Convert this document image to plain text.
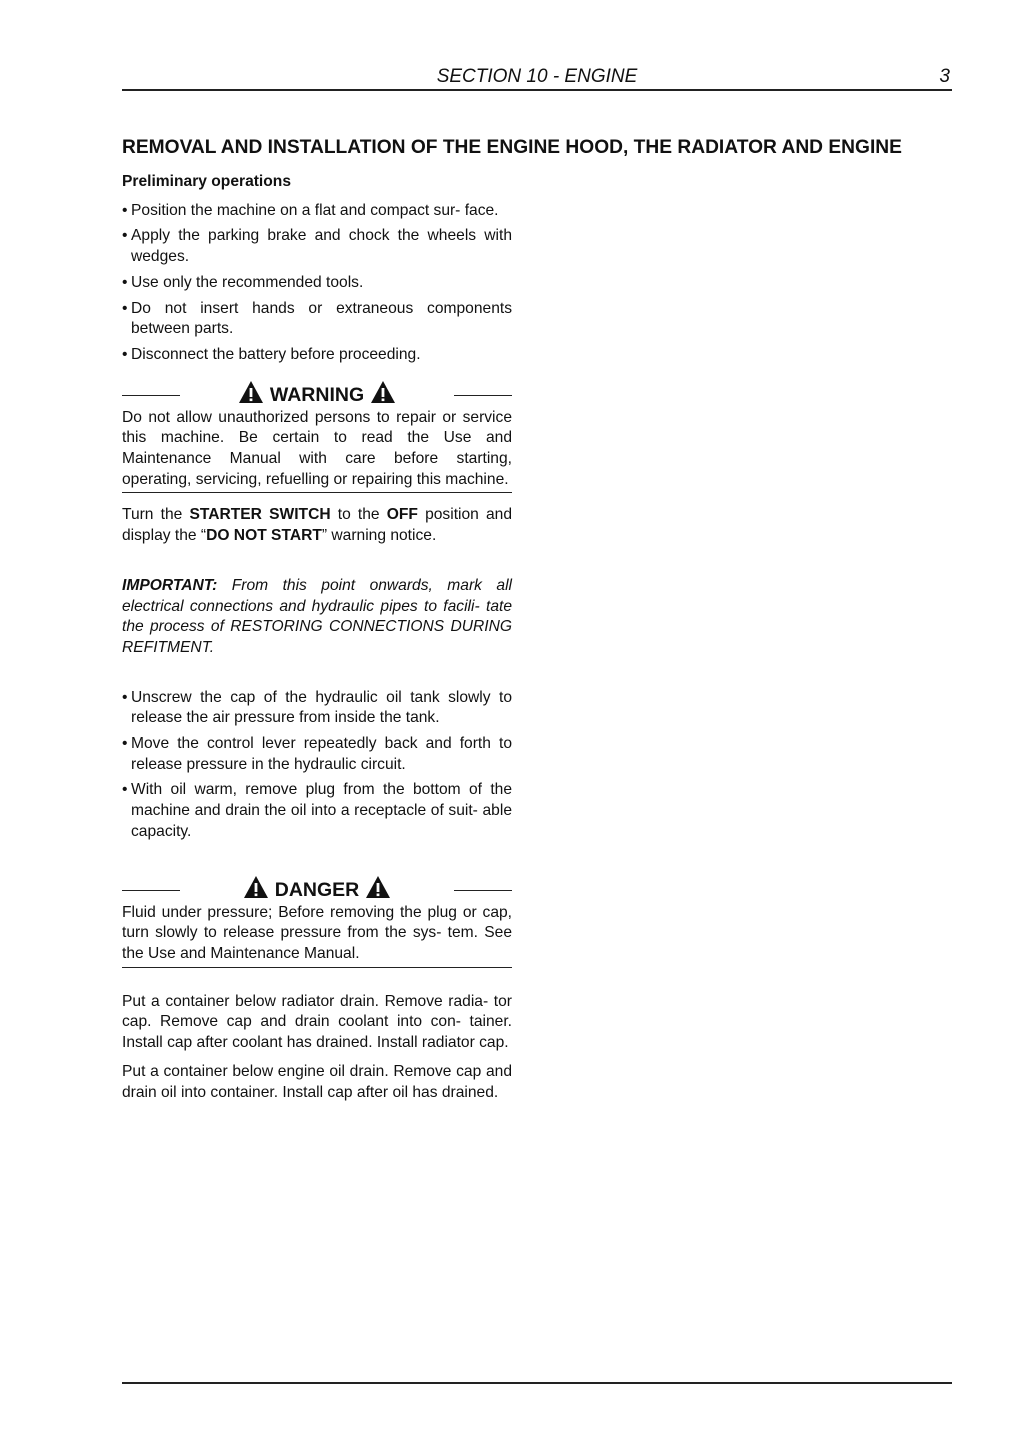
SECTION 10 - ENGINE	3
REMOVAL AND INSTALLATION OF THE ENGINE HOOD, THE RADIATOR AND ENGINE
Preliminary operations
• Position the machine on a flat and compact sur- face.
• Apply the parking brake and chock the wheels with wedges.
• Use only the recommended tools.
• Do not insert hands or extraneous components between parts.
• Disconnect the battery before proceeding.
WARNING

Do not allow unauthorized persons to repair or service this machine. Be certain to read the Use and Maintenance Manual with care before starting, operating, servicing, refuelling or repairing this machine.

Turn the STARTER SWITCH to the OFF position and display the “DO NOT START” warning notice.

IMPORTANT: From this point onwards, mark all electrical connections and hydraulic pipes to facili- tate the process of RESTORING CONNECTIONS DURING REFITMENT.

• Unscrew the cap of the hydraulic oil tank slowly to release the air pressure from inside the tank.
• Move the control lever repeatedly back and forth to release pressure in the hydraulic circuit.
• With oil warm, remove plug from the bottom of the machine and drain the oil into a receptacle of suit- able capacity.
DANGER

Fluid under pressure; Before removing the plug or cap, turn slowly to release pressure from the sys- tem. See the Use and Maintenance Manual.

Put a container below radiator drain. Remove radia- tor cap. Remove cap and drain coolant into con- tainer. Install cap after coolant has drained. Install radiator cap.

Put a container below engine oil drain. Remove cap and drain oil into container. Install cap after oil has drained.
